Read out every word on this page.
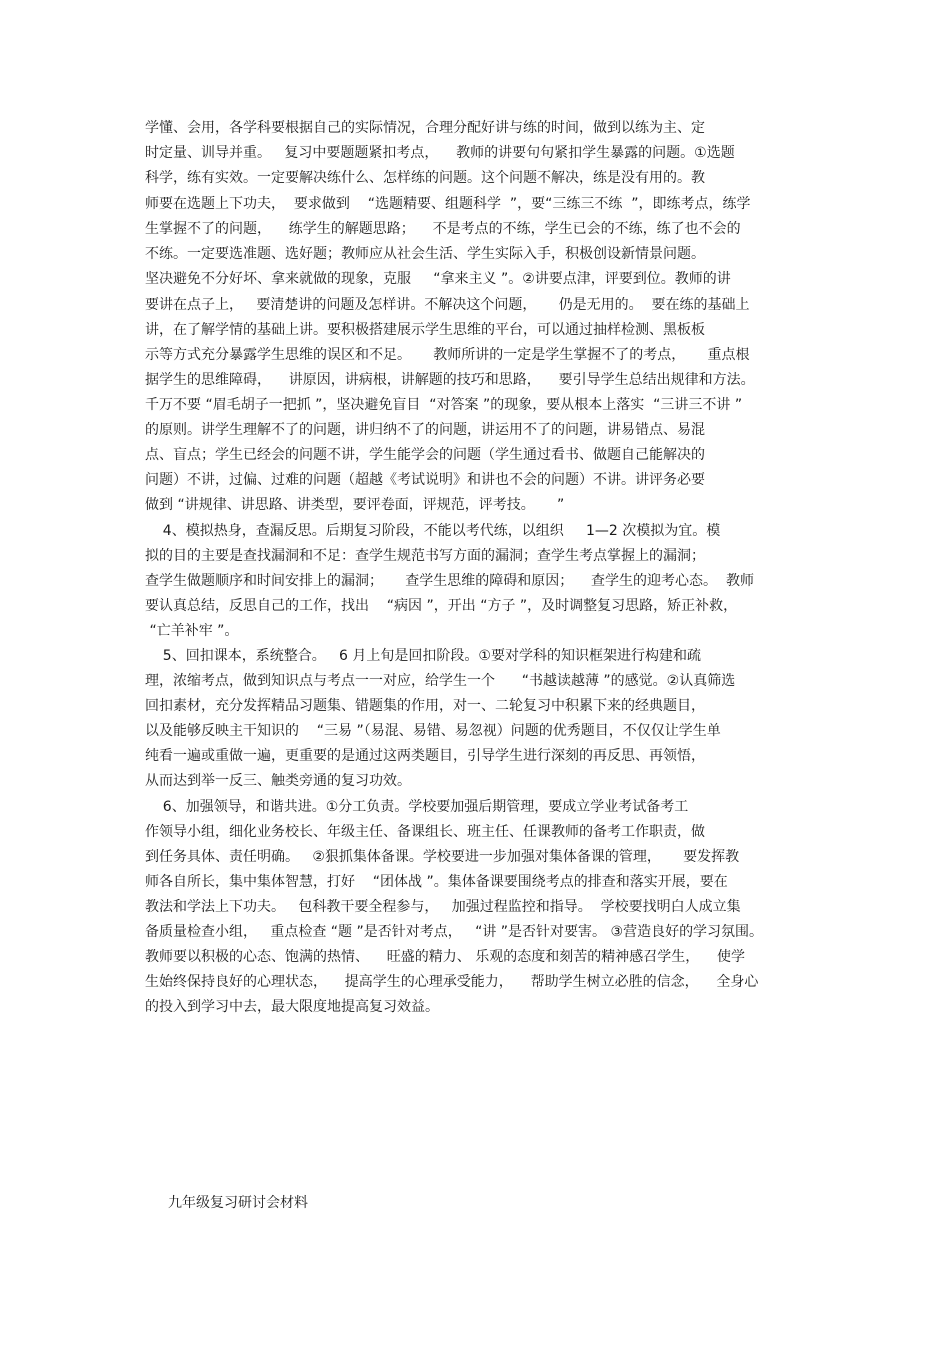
学懂、会用，各学科要根据自己的实际情况，合理分配好讲与练的时间，做到以练为主、定
时定量、训导并重。   复习中要题题紧扣考点，    教师的讲要句句紧扣学生暴露的问题。①选题
科学，练有实效。一定要解决练什么、怎样练的问题。这个问题不解决，练是没有用的。教
师要在选题上下功夫，  要求做到    “选题精要、组题科学  ”，要“三练三不练  ”，即练考点，练学
生掌握不了的问题，    练学生的解题思路；    不是考点的不练，学生已会的不练，练了也不会的
不练。一定要选准题、选好题；教师应从社会生活、学生实际入手，积极创设新情景问题。
坚决避免不分好坏、拿来就做的现象，克服     “拿来主义 ”。②讲要点津，评要到位。教师的讲
要讲在点子上，   要清楚讲的问题及怎样讲。不解决这个问题，     仍是无用的。  要在练的基础上
讲，在了解学情的基础上讲。要积极搭建展示学生思维的平台，可以通过抽样检测、黑板板
示等方式充分暴露学生思维的误区和不足。     教师所讲的一定是学生掌握不了的考点，     重点根
据学生的思维障碍，    讲原因，讲病根，讲解题的技巧和思路，    要引导学生总结出规律和方法。
千万不要 “眉毛胡子一把抓 ”，坚决避免盲目  “对答案 ”的现象，要从根本上落实  “三讲三不讲 ”
的原则。讲学生理解不了的问题，讲归纳不了的问题，讲运用不了的问题，讲易错点、易混
点、盲点；学生已经会的问题不讲，学生能学会的问题（学生通过看书、做题自己能解决的
问题）不讲，过偏、过难的问题（超越《考试说明》和讲也不会的问题）不讲。讲评务必要
做到 “讲规律、讲思路、讲类型，要评卷面，评规范，评考技。     ”
4、模拟热身，查漏反思。后期复习阶段，不能以考代练，以组织     1—2 次模拟为宜。模
拟的目的主要是查找漏洞和不足：查学生规范书写方面的漏洞；查学生考点掌握上的漏洞；
查学生做题顺序和时间安排上的漏洞；     查学生思维的障碍和原因；    查学生的迎考心态。  教师
要认真总结，反思自己的工作，找出    “病因 ”，开出 “方子 ”，及时调整复习思路，矫正补救，
“亡羊补牢 ”。
5、回扣课本，系统整合。   6 月上旬是回扣阶段。①要对学科的知识框架进行构建和疏
理，浓缩考点，做到知识点与考点一一对应，给学生一个      “书越读越薄 ”的感觉。②认真筛选
回扣素材，充分发挥精品习题集、错题集的作用，对一、二轮复习中积累下来的经典题目，
以及能够反映主干知识的    “三易 ”（易混、易错、易忽视）问题的优秀题目，不仅仅让学生单
纯看一遍或重做一遍，更重要的是通过这两类题目，引导学生进行深刻的再反思、再领悟，
从而达到举一反三、触类旁通的复习功效。
6、加强领导，和谐共进。①分工负责。学校要加强后期管理，要成立学业考试备考工
作领导小组，细化业务校长、年级主任、备课组长、班主任、任课教师的备考工作职责，做
到任务具体、责任明确。   ②狠抓集体备课。学校要进一步加强对集体备课的管理，     要发挥教
师各自所长，集中集体智慧，打好    “团体战 ”。集体备课要围绕考点的排查和落实开展，要在
教法和学法上下功夫。   包科教干要全程参与，   加强过程监控和指导。  学校要找明白人成立集
备质量检查小组，   重点检查 “题 ”是否针对考点，   “讲 ”是否针对要害。 ③营造良好的学习氛围。
教师要以积极的心态、饱满的热情、    旺盛的精力、 乐观的态度和刻苦的精神感召学生，    使学
生始终保持良好的心理状态，    提高学生的心理承受能力，    帮助学生树立必胜的信念，    全身心
的投入到学习中去，最大限度地提高复习效益。
九年级复习研讨会材料
